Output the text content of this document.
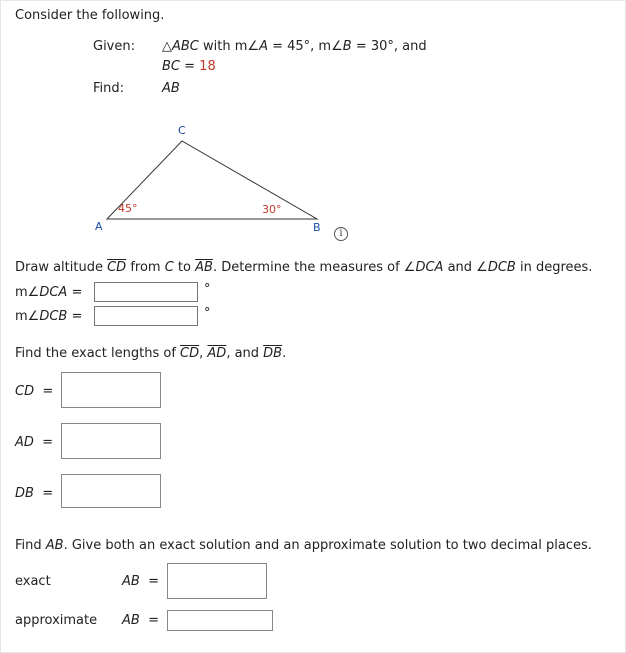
Consider the following.
Given: △ABC with m∠A = 45°, m∠B = 30°, and
BC = 18
Find:	AB
C
A	B
45°	30°
i
Draw altitude $\overline{CD}$ from C to $\overline{AB}$. Determine the measures of ∠DCA and ∠DCB in degrees.
m∠DCA =	°
m∠DCB =	°
Find the exact lengths of $\overline{CD}$, $\overline{AD}$, and $\overline{DB}$.
CD =
AD =
DB =
Find AB. Give both an exact solution and an approximate solution to two decimal places.
exact	AB =
approximate AB =
